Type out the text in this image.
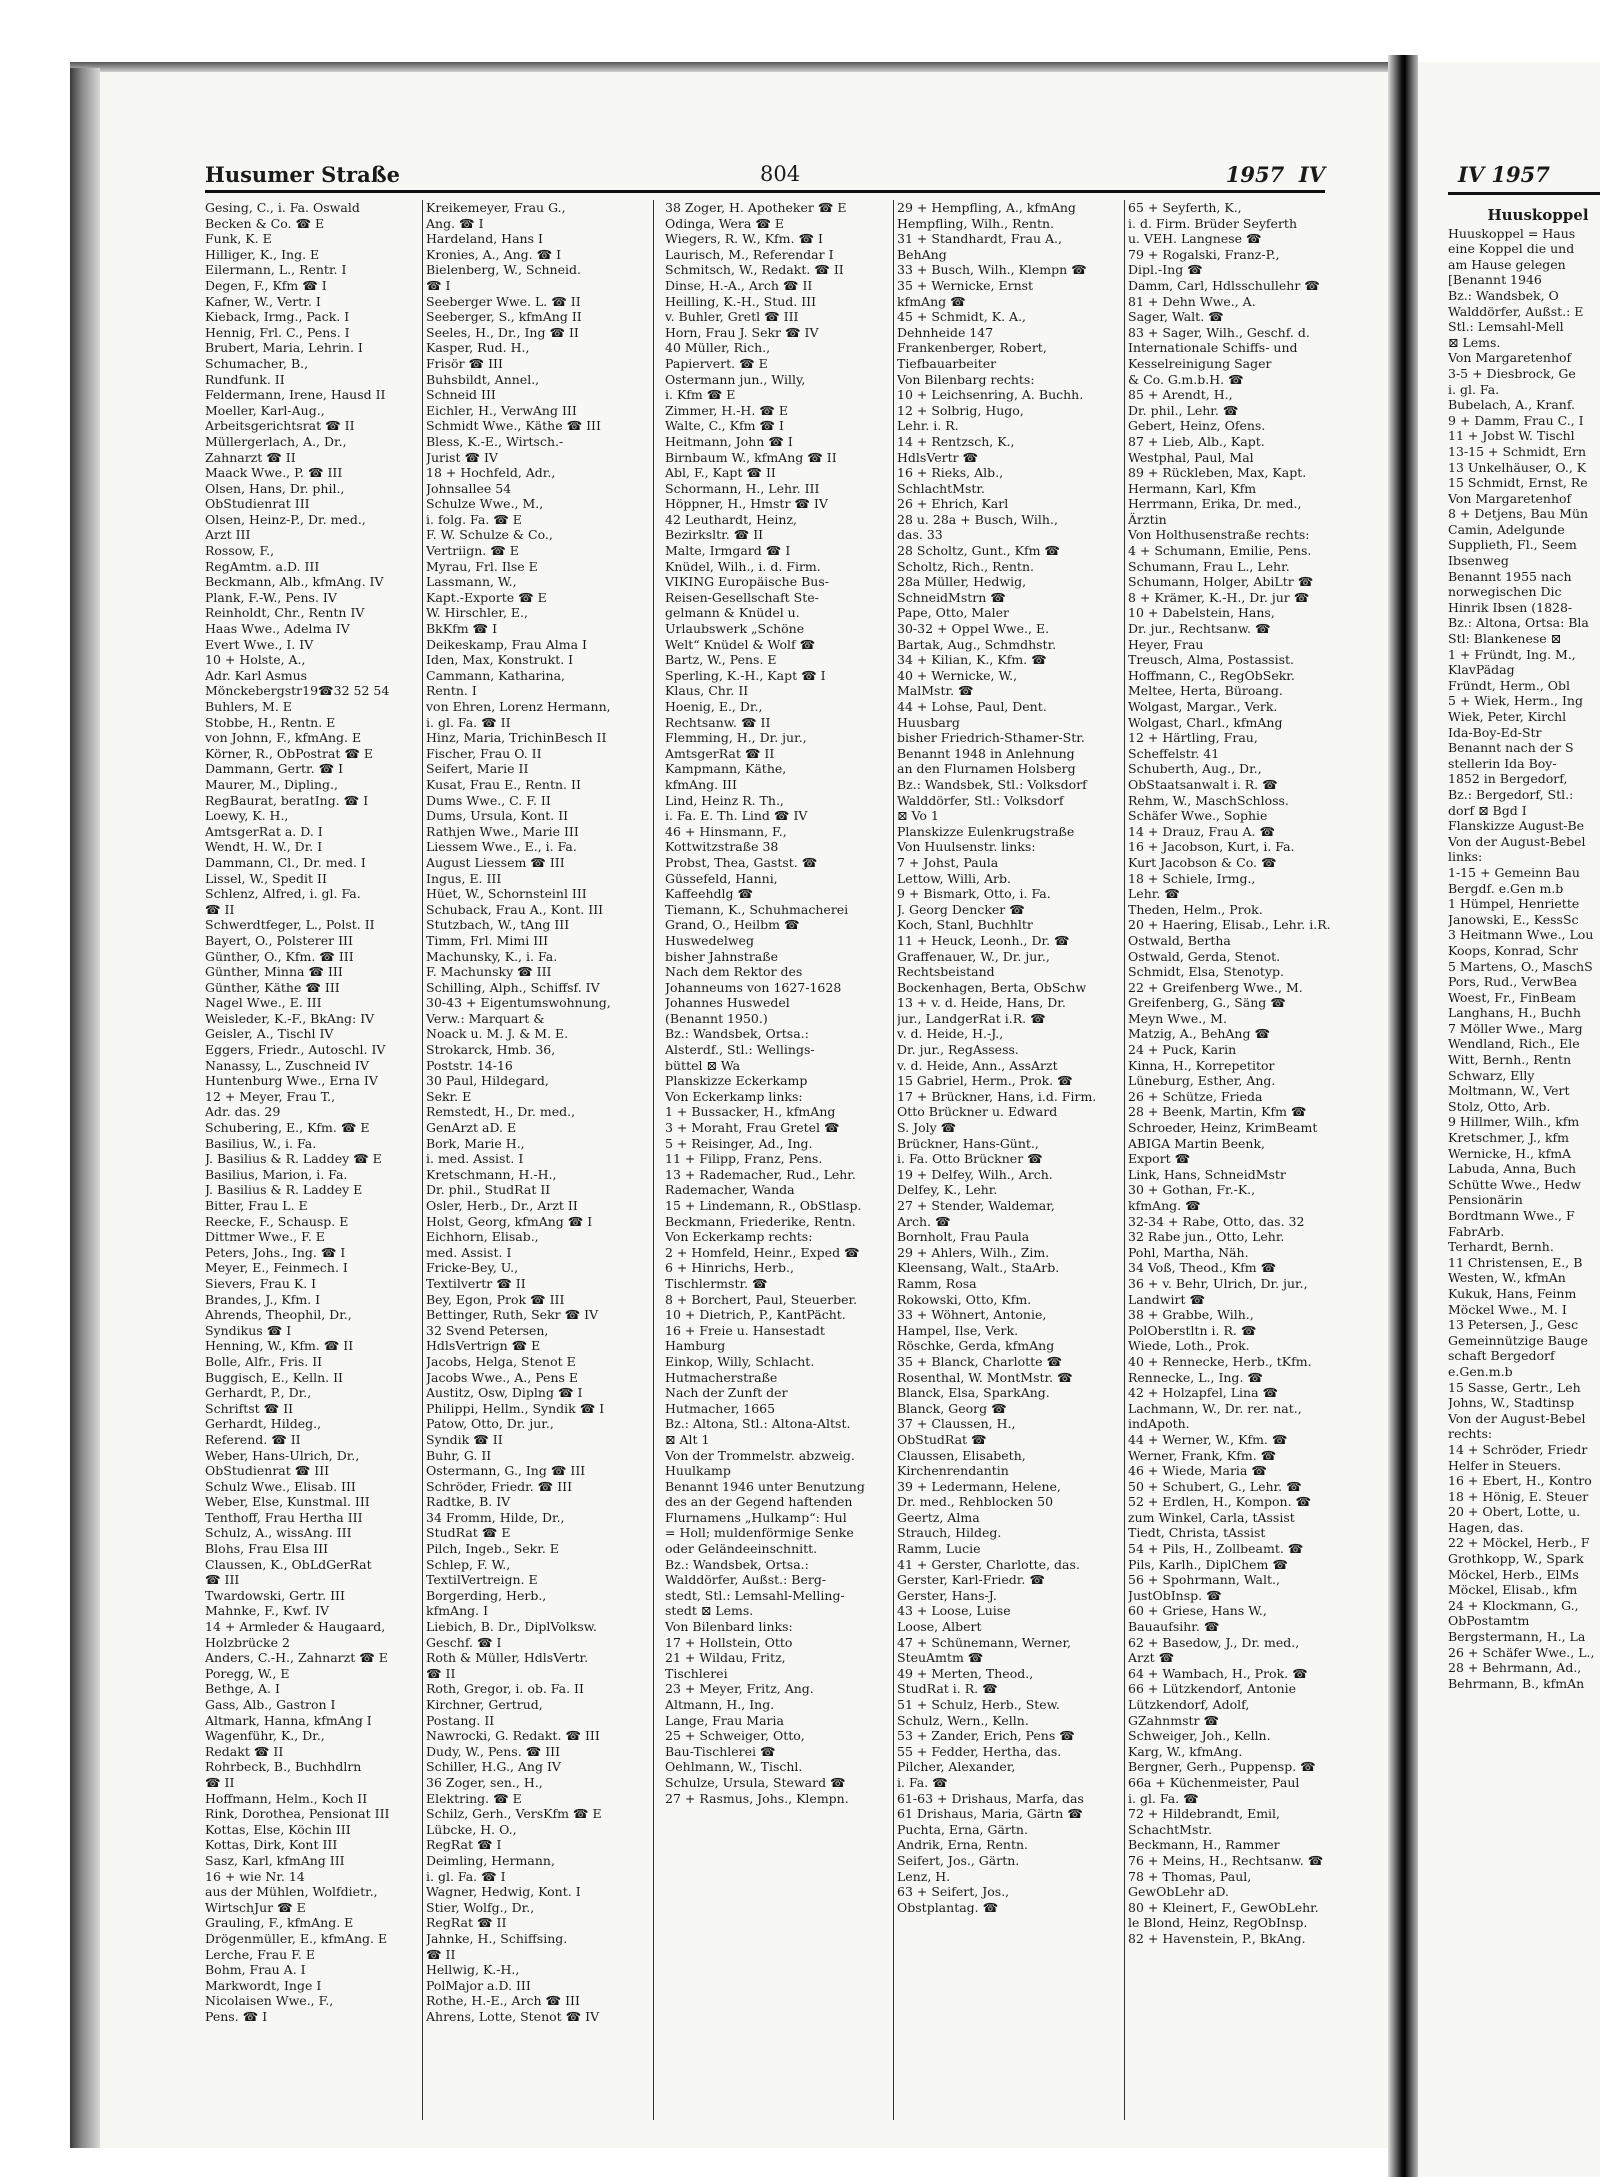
Husumer Straße	804	1957 IV
Gesing, C., i. Fa. Oswald
Becken & Co. ☎ E
Funk, K. E
Hilliger, K., Ing. E
Eilermann, L., Rentr. I
Degen, F., Kfm ☎ I
Kafner, W., Vertr. I
Kieback, Irmg., Pack. I
Hennig, Frl. C., Pens. I
Brubert, Maria, Lehrin. I
Schumacher, B.,
Rundfunk. II
Feldermann, Irene, Hausd II
Moeller, Karl-Aug.,
Arbeitsgerichtsrat ☎ II
Müllergerlach, A., Dr.,
Zahnarzt ☎ II
Maack Wwe., P. ☎ III
Olsen, Hans, Dr. phil.,
ObStudienrat III
Olsen, Heinz-P., Dr. med.,
Arzt III
Rossow, F.,
RegAmtm. a.D. III
Beckmann, Alb., kfmAng. IV
Plank, F.-W., Pens. IV
Reinholdt, Chr., Rentn IV
Haas Wwe., Adelma IV
Evert Wwe., I. IV
10 + Holste, A.,
Adr. Karl Asmus
Mönckebergstr19☎32 52 54
Buhlers, M. E
Stobbe, H., Rentn. E
von Johnn, F., kfmAng. E
Körner, R., ObPostrat ☎ E
Dammann, Gertr. ☎ I
Maurer, M., Dipling.,
RegBaurat, beratIng. ☎ I
Loewy, K. H.,
AmtsgerRat a. D. I
Wendt, H. W., Dr. I
Dammann, Cl., Dr. med. I
Lissel, W., Spedit II
Schlenz, Alfred, i. gl. Fa.
☎ II
Schwerdtfeger, L., Polst. II
Bayert, O., Polsterer III
Günther, O., Kfm. ☎ III
Günther, Minna ☎ III
Günther, Käthe ☎ III
Nagel Wwe., E. III
Weisleder, K.-F., BkAng: IV
Geisler, A., Tischl IV
Eggers, Friedr., Autoschl. IV
Nanassy, L., Zuschneid IV
Huntenburg Wwe., Erna IV
12 + Meyer, Frau T.,
Adr. das. 29
Schubering, E., Kfm. ☎ E
Basilius, W., i. Fa.
J. Basilius & R. Laddey ☎ E
Basilius, Marion, i. Fa.
J. Basilius & R. Laddey E
Bitter, Frau L. E
Reecke, F., Schausp. E
Dittmer Wwe., F. E
Peters, Johs., Ing. ☎ I
Meyer, E., Feinmech. I
Sievers, Frau K. I
Brandes, J., Kfm. I
Ahrends, Theophil, Dr.,
Syndikus ☎ I
Henning, W., Kfm. ☎ II
Bolle, Alfr., Fris. II
Buggisch, E., Kelln. II
Gerhardt, P., Dr.,
Schriftst ☎ II
Gerhardt, Hildeg.,
Referend. ☎ II
Weber, Hans-Ulrich, Dr.,
ObStudienrat ☎ III
Schulz Wwe., Elisab. III
Weber, Else, Kunstmal. III
Tenthoff, Frau Hertha III
Schulz, A., wissAng. III
Blohs, Frau Elsa III
Claussen, K., ObLdGerRat
☎ III
Twardowski, Gertr. III
Mahnke, F., Kwf. IV
14 + Armleder & Haugaard,
Holzbrücke 2
Anders, C.-H., Zahnarzt ☎ E
Poregg, W., E
Bethge, A. I
Gass, Alb., Gastron I
Altmark, Hanna, kfmAng I
Wagenführ, K., Dr.,
Redakt ☎ II
Rohrbeck, B., Buchhdlrn
☎ II
Hoffmann, Helm., Koch II
Rink, Dorothea, Pensionat III
Kottas, Else, Köchin III
Kottas, Dirk, Kont III
Sasz, Karl, kfmAng III
16 + wie Nr. 14
aus der Mühlen, Wolfdietr.,
WirtschJur ☎ E
Grauling, F., kfmAng. E
Drögenmüller, E., kfmAng. E
Lerche, Frau F. E
Bohm, Frau A. I
Markwordt, Inge I
Nicolaisen Wwe., F.,
Pens. ☎ I
Kreikemeyer, Frau G.,
Ang. ☎ I
Hardeland, Hans I
Kronies, A., Ang. ☎ I
Bielenberg, W., Schneid.
☎ I
Seeberger Wwe. L. ☎ II
Seeberger, S., kfmAng II
Seeles, H., Dr., Ing ☎ II
Kasper, Rud. H.,
Frisör ☎ III
Buhsbildt, Annel.,
Schneid III
Eichler, H., VerwAng III
Schmidt Wwe., Käthe ☎ III
Bless, K.-E., Wirtsch.-
Jurist ☎ IV
18 + Hochfeld, Adr.,
Johnsallee 54
Schulze Wwe., M.,
i. folg. Fa. ☎ E
F. W. Schulze & Co.,
Vertriign. ☎ E
Myrau, Frl. Ilse E
Lassmann, W.,
Kapt.-Exporte ☎ E
W. Hirschler, E.,
BkKfm ☎ I
Deikeskamp, Frau Alma I
Iden, Max, Konstrukt. I
Cammann, Katharina,
Rentn. I
von Ehren, Lorenz Hermann,
i. gl. Fa. ☎ II
Hinz, Maria, TrichinBesch II
Fischer, Frau O. II
Seifert, Marie II
Kusat, Frau E., Rentn. II
Dums Wwe., C. F. II
Dums, Ursula, Kont. II
Rathjen Wwe., Marie III
Liessem Wwe., E., i. Fa.
August Liessem ☎ III
Ingus, E. III
Hüet, W., Schornsteinl III
Schuback, Frau A., Kont. III
Stutzbach, W., tAng III
Timm, Frl. Mimi III
Machunsky, K., i. Fa.
F. Machunsky ☎ III
Schilling, Alph., Schiffsf. IV
30-43 + Eigentumswohnung,
Verw.: Marquart &
Noack u. M. J. & M. E.
Strokarck, Hmb. 36,
Poststr. 14-16
30 Paul, Hildegard,
Sekr. E
Remstedt, H., Dr. med.,
GenArzt aD. E
Bork, Marie H.,
i. med. Assist. I
Kretschmann, H.-H.,
Dr. phil., StudRat II
Osler, Herb., Dr., Arzt II
Holst, Georg, kfmAng ☎ I
Eichhorn, Elisab.,
med. Assist. I
Fricke-Bey, U.,
Textilvertr ☎ II
Bey, Egon, Prok ☎ III
Bettinger, Ruth, Sekr ☎ IV
32 Svend Petersen,
HdlsVertrign ☎ E
Jacobs, Helga, Stenot E
Jacobs Wwe., A., Pens E
Austitz, Osw, Diplng ☎ I
Philippi, Hellm., Syndik ☎ I
Patow, Otto, Dr. jur.,
Syndik ☎ II
Buhr, G. II
Ostermann, G., Ing ☎ III
Schröder, Friedr. ☎ III
Radtke, B. IV
34 Fromm, Hilde, Dr.,
StudRat ☎ E
Pilch, Ingeb., Sekr. E
Schlep, F. W.,
TextilVertreign. E
Borgerding, Herb.,
kfmAng. I
Liebich, B. Dr., DiplVolksw.
Geschf. ☎ I
Roth & Müller, HdlsVertr.
☎ II
Roth, Gregor, i. ob. Fa. II
Kirchner, Gertrud,
Postang. II
Nawrocki, G. Redakt. ☎ III
Dudy, W., Pens. ☎ III
Schiller, H.G., Ang IV
36 Zoger, sen., H.,
Elektring. ☎ E
Schilz, Gerh., VersKfm ☎ E
Lübcke, H. O.,
RegRat ☎ I
Deimling, Hermann,
i. gl. Fa. ☎ I
Wagner, Hedwig, Kont. I
Stier, Wolfg., Dr.,
RegRat ☎ II
Jahnke, H., Schiffsing.
☎ II
Hellwig, K.-H.,
PolMajor a.D. III
Rothe, H.-E., Arch ☎ III
Ahrens, Lotte, Stenot ☎ IV
38 Zoger, H. Apotheker ☎ E
Odinga, Wera ☎ E
Wiegers, R. W., Kfm. ☎ I
Laurisch, M., Referendar I
Schmitsch, W., Redakt. ☎ II
Dinse, H.-A., Arch ☎ II
Heilling, K.-H., Stud. III
v. Buhler, Gretl ☎ III
Horn, Frau J. Sekr ☎ IV
40 Müller, Rich.,
Papiervert. ☎ E
Ostermann jun., Willy,
i. Kfm ☎ E
Zimmer, H.-H. ☎ E
Walte, C., Kfm ☎ I
Heitmann, John ☎ I
Birnbaum W., kfmAng ☎ II
Abl, F., Kapt ☎ II
Schormann, H., Lehr. III
Höppner, H., Hmstr ☎ IV
42 Leuthardt, Heinz,
Bezirksltr. ☎ II
Malte, Irmgard ☎ I
Knüdel, Wilh., i. d. Firm.
VIKING Europäische Bus-
Reisen-Gesellschaft Ste-
gelmann & Knüdel u.
Urlaubswerk „Schöne
Welt“ Knüdel & Wolf ☎
Bartz, W., Pens. E
Sperling, K.-H., Kapt ☎ I
Klaus, Chr. II
Hoenig, E., Dr.,
Rechtsanw. ☎ II
Flemming, H., Dr. jur.,
AmtsgerRat ☎ II
Kampmann, Käthe,
kfmAng. III
Lind, Heinz R. Th.,
i. Fa. E. Th. Lind ☎ IV
46 + Hinsmann, F.,
Kottwitzstraße 38
Probst, Thea, Gastst. ☎
Güssefeld, Hanni,
Kaffeehdlg ☎
Tiemann, K., Schuhmacherei
Grand, O., Heilbm ☎
Huswedelweg
bisher Jahnstraße
Nach dem Rektor des
Johanneums von 1627-1628
Johannes Huswedel
(Benannt 1950.)
Bz.: Wandsbek, Ortsa.:
Alsterdf., Stl.: Wellings-
büttel ⊠ Wa
Planskizze Eckerkamp
Von Eckerkamp links:
1 + Bussacker, H., kfmAng
3 + Moraht, Frau Gretel ☎
5 + Reisinger, Ad., Ing.
11 + Filipp, Franz, Pens.
13 + Rademacher, Rud., Lehr.
Rademacher, Wanda
15 + Lindemann, R., ObStlasp.
Beckmann, Friederike, Rentn.
Von Eckerkamp rechts:
2 + Homfeld, Heinr., Exped ☎
6 + Hinrichs, Herb.,
Tischlermstr. ☎
8 + Borchert, Paul, Steuerber.
10 + Dietrich, P., KantPächt.
16 + Freie u. Hansestadt
Hamburg
Einkop, Willy, Schlacht.
Hutmacherstraße
Nach der Zunft der
Hutmacher, 1665
Bz.: Altona, Stl.: Altona-Altst.
⊠ Alt 1
Von der Trommelstr. abzweig.
Huulkamp
Benannt 1946 unter Benutzung
des an der Gegend haftenden
Flurnamens „Hulkamp“: Hul
= Holl; muldenförmige Senke
oder Geländeeinschnitt.
Bz.: Wandsbek, Ortsa.:
Walddörfer, Außst.: Berg-
stedt, Stl.: Lemsahl-Melling-
stedt ⊠ Lems.
Von Bilenbard links:
17 + Hollstein, Otto
21 + Wildau, Fritz,
Tischlerei
23 + Meyer, Fritz, Ang.
Altmann, H., Ing.
Lange, Frau Maria
25 + Schweiger, Otto,
Bau-Tischlerei ☎
Oehlmann, W., Tischl.
Schulze, Ursula, Steward ☎
27 + Rasmus, Johs., Klempn.
29 + Hempfling, A., kfmAng
Hempfling, Wilh., Rentn.
31 + Standhardt, Frau A.,
BehAng
33 + Busch, Wilh., Klempn ☎
35 + Wernicke, Ernst
kfmAng ☎
45 + Schmidt, K. A.,
Dehnheide 147
Frankenberger, Robert,
Tiefbauarbeiter
Von Bilenbarg rechts:
10 + Leichsenring, A. Buchh.
12 + Solbrig, Hugo,
Lehr. i. R.
14 + Rentzsch, K.,
HdlsVertr ☎
16 + Rieks, Alb.,
SchlachtMstr.
26 + Ehrich, Karl
28 u. 28a + Busch, Wilh.,
das. 33
28 Scholtz, Gunt., Kfm ☎
Scholtz, Rich., Rentn.
28a Müller, Hedwig,
SchneidMstrn ☎
Pape, Otto, Maler
30-32 + Oppel Wwe., E.
Bartak, Aug., Schmdhstr.
34 + Kilian, K., Kfm. ☎
40 + Wernicke, W.,
MalMstr. ☎
44 + Lohse, Paul, Dent.
Huusbarg
bisher Friedrich-Sthamer-Str.
Benannt 1948 in Anlehnung
an den Flurnamen Holsberg
Bz.: Wandsbek, Stl.: Volksdorf
Walddörfer, Stl.: Volksdorf
⊠ Vo 1
Planskizze Eulenkrugstraße
Von Huulsenstr. links:
7 + Johst, Paula
Lettow, Willi, Arb.
9 + Bismark, Otto, i. Fa.
J. Georg Dencker ☎
Koch, Stanl, Buchhltr
11 + Heuck, Leonh., Dr. ☎
Graffenauer, W., Dr. jur.,
Rechtsbeistand
Bockenhagen, Berta, ObSchw
13 + v. d. Heide, Hans, Dr.
jur., LandgerRat i.R. ☎
v. d. Heide, H.-J.,
Dr. jur., RegAssess.
v. d. Heide, Ann., AssArzt
15 Gabriel, Herm., Prok. ☎
17 + Brückner, Hans, i.d. Firm.
Otto Brückner u. Edward
S. Joly ☎
Brückner, Hans-Günt.,
i. Fa. Otto Brückner ☎
19 + Delfey, Wilh., Arch.
Delfey, K., Lehr.
27 + Stender, Waldemar,
Arch. ☎
Bornholt, Frau Paula
29 + Ahlers, Wilh., Zim.
Kleensang, Walt., StaArb.
Ramm, Rosa
Rokowski, Otto, Kfm.
33 + Wöhnert, Antonie,
Hampel, Ilse, Verk.
Röschke, Gerda, kfmAng
35 + Blanck, Charlotte ☎
Rosenthal, W. MontMstr. ☎
Blanck, Elsa, SparkAng.
Blanck, Georg ☎
37 + Claussen, H.,
ObStudRat ☎
Claussen, Elisabeth,
Kirchenrendantin
39 + Ledermann, Helene,
Dr. med., Rehblocken 50
Geertz, Alma
Strauch, Hildeg.
Ramm, Lucie
41 + Gerster, Charlotte, das.
Gerster, Karl-Friedr. ☎
Gerster, Hans-J.
43 + Loose, Luise
Loose, Albert
47 + Schünemann, Werner,
SteuAmtm ☎
49 + Merten, Theod.,
StudRat i. R. ☎
51 + Schulz, Herb., Stew.
Schulz, Wern., Kelln.
53 + Zander, Erich, Pens ☎
55 + Fedder, Hertha, das.
Pilcher, Alexander,
i. Fa. ☎
61-63 + Drishaus, Marfa, das
61 Drishaus, Maria, Gärtn ☎
Puchta, Erna, Gärtn.
Andrik, Erna, Rentn.
Seifert, Jos., Gärtn.
Lenz, H.
63 + Seifert, Jos.,
Obstplantag. ☎
65 + Seyferth, K.,
i. d. Firm. Brüder Seyferth
u. VEH. Langnese ☎
79 + Rogalski, Franz-P.,
Dipl.-Ing ☎
Damm, Carl, Hdlsschullehr ☎
81 + Dehn Wwe., A.
Sager, Walt. ☎
83 + Sager, Wilh., Geschf. d.
Internationale Schiffs- und
Kesselreinigung Sager
& Co. G.m.b.H. ☎
85 + Arendt, H.,
Dr. phil., Lehr. ☎
Gebert, Heinz, Ofens.
87 + Lieb, Alb., Kapt.
Westphal, Paul, Mal
89 + Rückleben, Max, Kapt.
Hermann, Karl, Kfm
Herrmann, Erika, Dr. med.,
Ärztin
Von Holthusenstraße rechts:
4 + Schumann, Emilie, Pens.
Schumann, Frau L., Lehr.
Schumann, Holger, AbiLtr ☎
8 + Krämer, K.-H., Dr. jur ☎
10 + Dabelstein, Hans,
Dr. jur., Rechtsanw. ☎
Heyer, Frau
Treusch, Alma, Postassist.
Hoffmann, C., RegObSekr.
Meltee, Herta, Büroang.
Wolgast, Margar., Verk.
Wolgast, Charl., kfmAng
12 + Härtling, Frau,
Scheffelstr. 41
Schuberth, Aug., Dr.,
ObStaatsanwalt i. R. ☎
Rehm, W., MaschSchloss.
Schäfer Wwe., Sophie
14 + Drauz, Frau A. ☎
16 + Jacobson, Kurt, i. Fa.
Kurt Jacobson & Co. ☎
18 + Schiele, Irmg.,
Lehr. ☎
Theden, Helm., Prok.
20 + Haering, Elisab., Lehr. i.R.
Ostwald, Bertha
Ostwald, Gerda, Stenot.
Schmidt, Elsa, Stenotyp.
22 + Greifenberg Wwe., M.
Greifenberg, G., Säng ☎
Meyn Wwe., M.
Matzig, A., BehAng ☎
24 + Puck, Karin
Kinna, H., Korrepetitor
Lüneburg, Esther, Ang.
26 + Schütze, Frieda
28 + Beenk, Martin, Kfm ☎
Schroeder, Heinz, KrimBeamt
ABIGA Martin Beenk,
Export ☎
Link, Hans, SchneidMstr
30 + Gothan, Fr.-K.,
kfmAng. ☎
32-34 + Rabe, Otto, das. 32
32 Rabe jun., Otto, Lehr.
Pohl, Martha, Näh.
34 Voß, Theod., Kfm ☎
36 + v. Behr, Ulrich, Dr. jur.,
Landwirt ☎
38 + Grabbe, Wilh.,
PolOberstltn i. R. ☎
Wiede, Loth., Prok.
40 + Rennecke, Herb., tKfm.
Rennecke, L., Ing. ☎
42 + Holzapfel, Lina ☎
Lachmann, W., Dr. rer. nat.,
indApoth.
44 + Werner, W., Kfm. ☎
Werner, Frank, Kfm. ☎
46 + Wiede, Maria ☎
50 + Schubert, G., Lehr. ☎
52 + Erdlen, H., Kompon. ☎
zum Winkel, Carla, tAssist
Tiedt, Christa, tAssist
54 + Pils, H., Zollbeamt. ☎
Pils, Karlh., DiplChem ☎
56 + Spohrmann, Walt.,
JustObInsp. ☎
60 + Griese, Hans W.,
Bauaufsihr. ☎
62 + Basedow, J., Dr. med.,
Arzt ☎
64 + Wambach, H., Prok. ☎
66 + Lützkendorf, Antonie
Lützkendorf, Adolf,
GZahnmstr ☎
Schweiger, Joh., Kelln.
Karg, W., kfmAng.
Bergner, Gerh., Puppensp. ☎
66a + Küchenmeister, Paul
i. gl. Fa. ☎
72 + Hildebrandt, Emil,
SchachtMstr.
Beckmann, H., Rammer
76 + Meins, H., Rechtsanw. ☎
78 + Thomas, Paul,
GewObLehr aD.
80 + Kleinert, F., GewObLehr.
le Blond, Heinz, RegObInsp.
82 + Havenstein, P., BkAng.
IV 1957
Huuskoppel
Huuskoppel = Haus
eine Koppel die und
am Hause gelegen
[Benannt 1946
Bz.: Wandsbek, O
Walddörfer, Außst.: E
Stl.: Lemsahl-Mell
⊠ Lems.
Von Margaretenhof
3-5 + Diesbrock, Ge
i. gl. Fa.
Bubelach, A., Kranf.
9 + Damm, Frau C., I
11 + Jobst W. Tischl
13-15 + Schmidt, Ern
13 Unkelhäuser, O., K
15 Schmidt, Ernst, Re
Von Margaretenhof
8 + Detjens, Bau Mün
Camin, Adelgunde
Supplieth, Fl., Seem
Ibsenweg
Benannt 1955 nach
norwegischen Dic
Hinrik Ibsen (1828-
Bz.: Altona, Ortsa: Bla
Stl: Blankenese ⊠
1 + Fründt, Ing. M.,
KlavPädag
Fründt, Herm., Obl
5 + Wiek, Herm., Ing
Wiek, Peter, Kirchl
Ida-Boy-Ed-Str
Benannt nach der S
stellerin Ida Boy-
1852 in Bergedorf,
Bz.: Bergedorf, Stl.:
dorf ⊠ Bgd I
Flanskizze August-Be
Von der August-Bebel
links:
1-15 + Gemeinn Bau
Bergdf. e.Gen m.b
1 Hümpel, Henriette
Janowski, E., KessSc
3 Heitmann Wwe., Lou
Koops, Konrad, Schr
5 Martens, O., MaschS
Pors, Rud., VerwBea
Woest, Fr., FinBeam
Langhans, H., Buchh
7 Möller Wwe., Marg
Wendland, Rich., Ele
Witt, Bernh., Rentn
Schwarz, Elly
Moltmann, W., Vert
Stolz, Otto, Arb.
9 Hillmer, Wilh., kfm
Kretschmer, J., kfm
Wernicke, H., kfmA
Labuda, Anna, Buch
Schütte Wwe., Hedw
Pensionärin
Bordtmann Wwe., F
FabrArb.
Terhardt, Bernh.
11 Christensen, E., B
Westen, W., kfmAn
Kukuk, Hans, Feinm
Möckel Wwe., M. I
13 Petersen, J., Gesc
Gemeinnützige Bauge
schaft Bergedorf
e.Gen.m.b
15 Sasse, Gertr., Leh
Johns, W., Stadtinsp
Von der August-Bebel
rechts:
14 + Schröder, Friedr
Helfer in Steuers.
16 + Ebert, H., Kontro
18 + Hönig, E. Steuer
20 + Obert, Lotte, u.
Hagen, das.
22 + Möckel, Herb., F
Grothkopp, W., Spark
Möckel, Herb., ElMs
Möckel, Elisab., kfm
24 + Klockmann, G.,
ObPostamtm
Bergstermann, H., La
26 + Schäfer Wwe., L.,
28 + Behrmann, Ad.,
Behrmann, B., kfmAn
